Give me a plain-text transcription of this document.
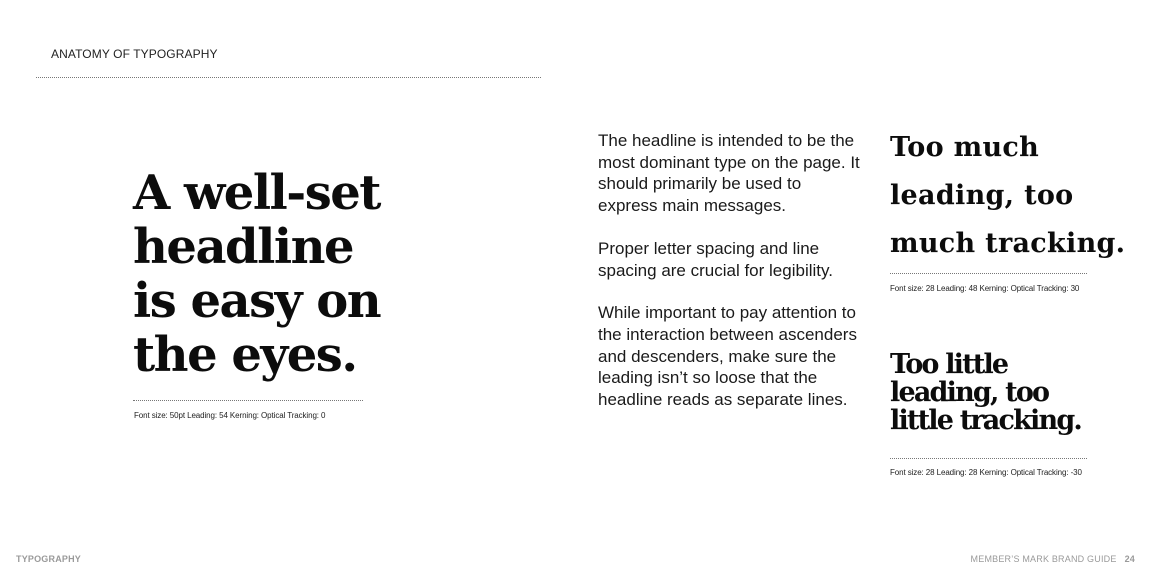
ANATOMY OF TYPOGRAPHY
A well-set
headline
is easy on
the eyes.
Font size: 50pt Leading: 54 Kerning: Optical Tracking: 0

The headline is intended to be the most dominant type on the page. It should primarily be used to express main messages.

Proper letter spacing and line spacing are crucial for legibility.

While important to pay attention to the interaction between ascenders and descenders, make sure the leading isn’t so loose that the headline reads as separate lines.

Too much
leading, too
much tracking.
Font size: 28 Leading: 48 Kerning: Optical Tracking: 30
Too little
leading, too
little tracking.
Font size: 28 Leading: 28 Kerning: Optical Tracking: -30
TYPOGRAPHY	MEMBER’S MARK BRAND GUIDE 24
